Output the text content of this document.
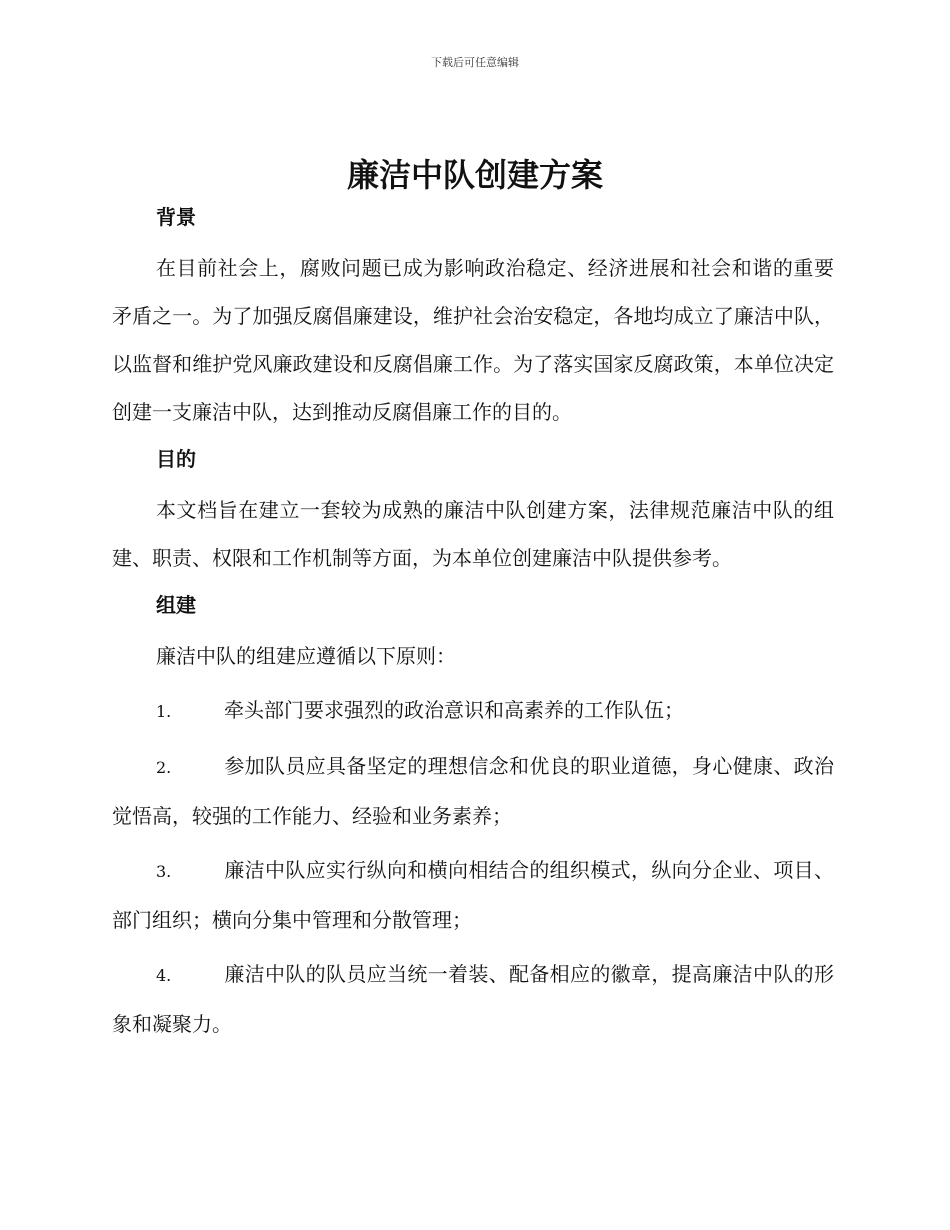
下载后可任意编辑
廉洁中队创建方案
背景

在目前社会上，腐败问题已成为影响政治稳定、经济进展和社会和谐的重要矛盾之一。为了加强反腐倡廉建设，维护社会治安稳定，各地均成立了廉洁中队，以监督和维护党风廉政建设和反腐倡廉工作。为了落实国家反腐政策，本单位决定创建一支廉洁中队，达到推动反腐倡廉工作的目的。

目的

本文档旨在建立一套较为成熟的廉洁中队创建方案，法律规范廉洁中队的组建、职责、权限和工作机制等方面，为本单位创建廉洁中队提供参考。

组建

廉洁中队的组建应遵循以下原则：

1.	牵头部门要求强烈的政治意识和高素养的工作队伍；

2.	参加队员应具备坚定的理想信念和优良的职业道德，身心健康、政治觉悟高，较强的工作能力、经验和业务素养；

3.	廉洁中队应实行纵向和横向相结合的组织模式，纵向分企业、项目、部门组织；横向分集中管理和分散管理；

4.	廉洁中队的队员应当统一着装、配备相应的徽章，提高廉洁中队的形象和凝聚力。
